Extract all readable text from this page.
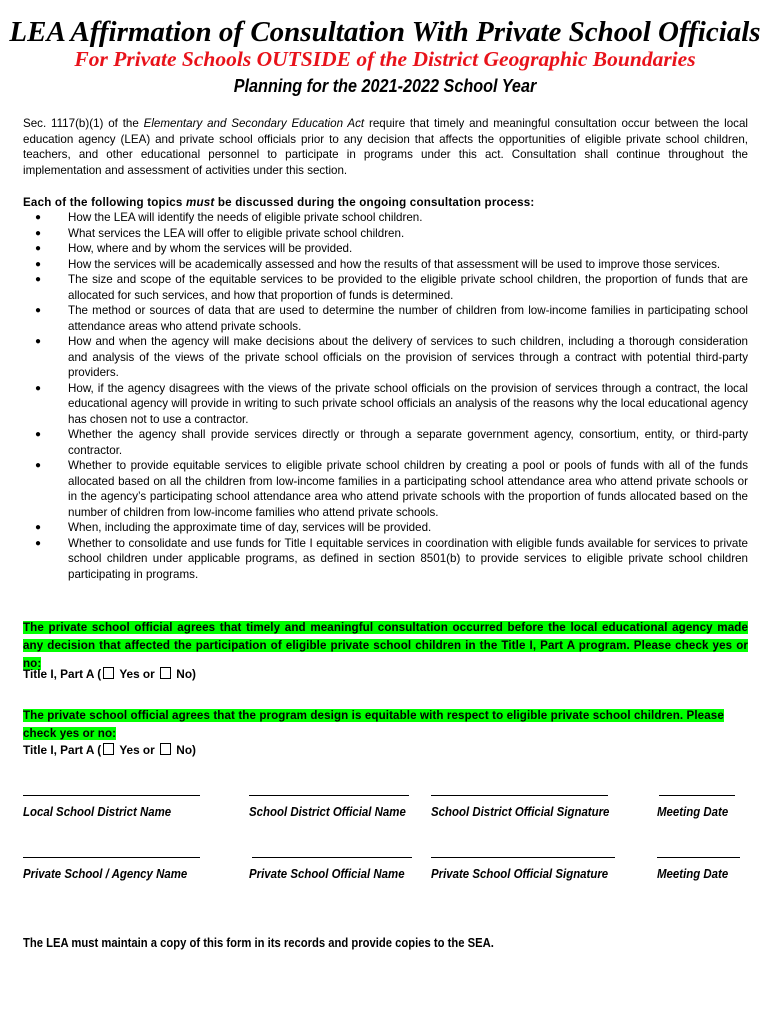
LEA Affirmation of Consultation With Private School Officials
For Private Schools OUTSIDE of the District Geographic Boundaries
Planning for the 2021-2022 School Year
Sec. 1117(b)(1) of the Elementary and Secondary Education Act require that timely and meaningful consultation occur between the local education agency (LEA) and private school officials prior to any decision that affects the opportunities of eligible private school children, teachers, and other educational personnel to participate in programs under this act. Consultation shall continue throughout the implementation and assessment of activities under this section.
Each of the following topics must be discussed during the ongoing consultation process:
● How the LEA will identify the needs of eligible private school children.
● What services the LEA will offer to eligible private school children.
● How, where and by whom the services will be provided.
● How the services will be academically assessed and how the results of that assessment will be used to improve those services.
● The size and scope of the equitable services to be provided to the eligible private school children, the proportion of funds that are allocated for such services, and how that proportion of funds is determined.
● The method or sources of data that are used to determine the number of children from low-income families in participating school attendance areas who attend private schools.
● How and when the agency will make decisions about the delivery of services to such children, including a thorough consideration and analysis of the views of the private school officials on the provision of services through a contract with potential third-party providers.
● How, if the agency disagrees with the views of the private school officials on the provision of services through a contract, the local educational agency will provide in writing to such private school officials an analysis of the reasons why the local educational agency has chosen not to use a contractor.
● Whether the agency shall provide services directly or through a separate government agency, consortium, entity, or third-party contractor.
● Whether to provide equitable services to eligible private school children by creating a pool or pools of funds with all of the funds allocated based on all the children from low-income families in a participating school attendance area who attend private schools or in the agency’s participating school attendance area who attend private schools with the proportion of funds allocated based on the number of children from low-income families who attend private schools.
● When, including the approximate time of day, services will be provided.
● Whether to consolidate and use funds for Title I equitable services in coordination with eligible funds available for services to private school children under applicable programs, as defined in section 8501(b) to provide services to eligible private school children participating in programs.
The private school official agrees that timely and meaningful consultation occurred before the local educational agency made any decision that affected the participation of eligible private school children in the Title I, Part A program. Please check yes or no:
Title I, Part A ( Yes or No)
The private school official agrees that the program design is equitable with respect to eligible private school children. Please check yes or no:
Title I, Part A ( Yes or No)
Local School District Name	School District Official Name School District Official Signature	Meeting Date
Private School / Agency Name	Private School Official Name Private School Official Signature	Meeting Date
The LEA must maintain a copy of this form in its records and provide copies to the SEA.
